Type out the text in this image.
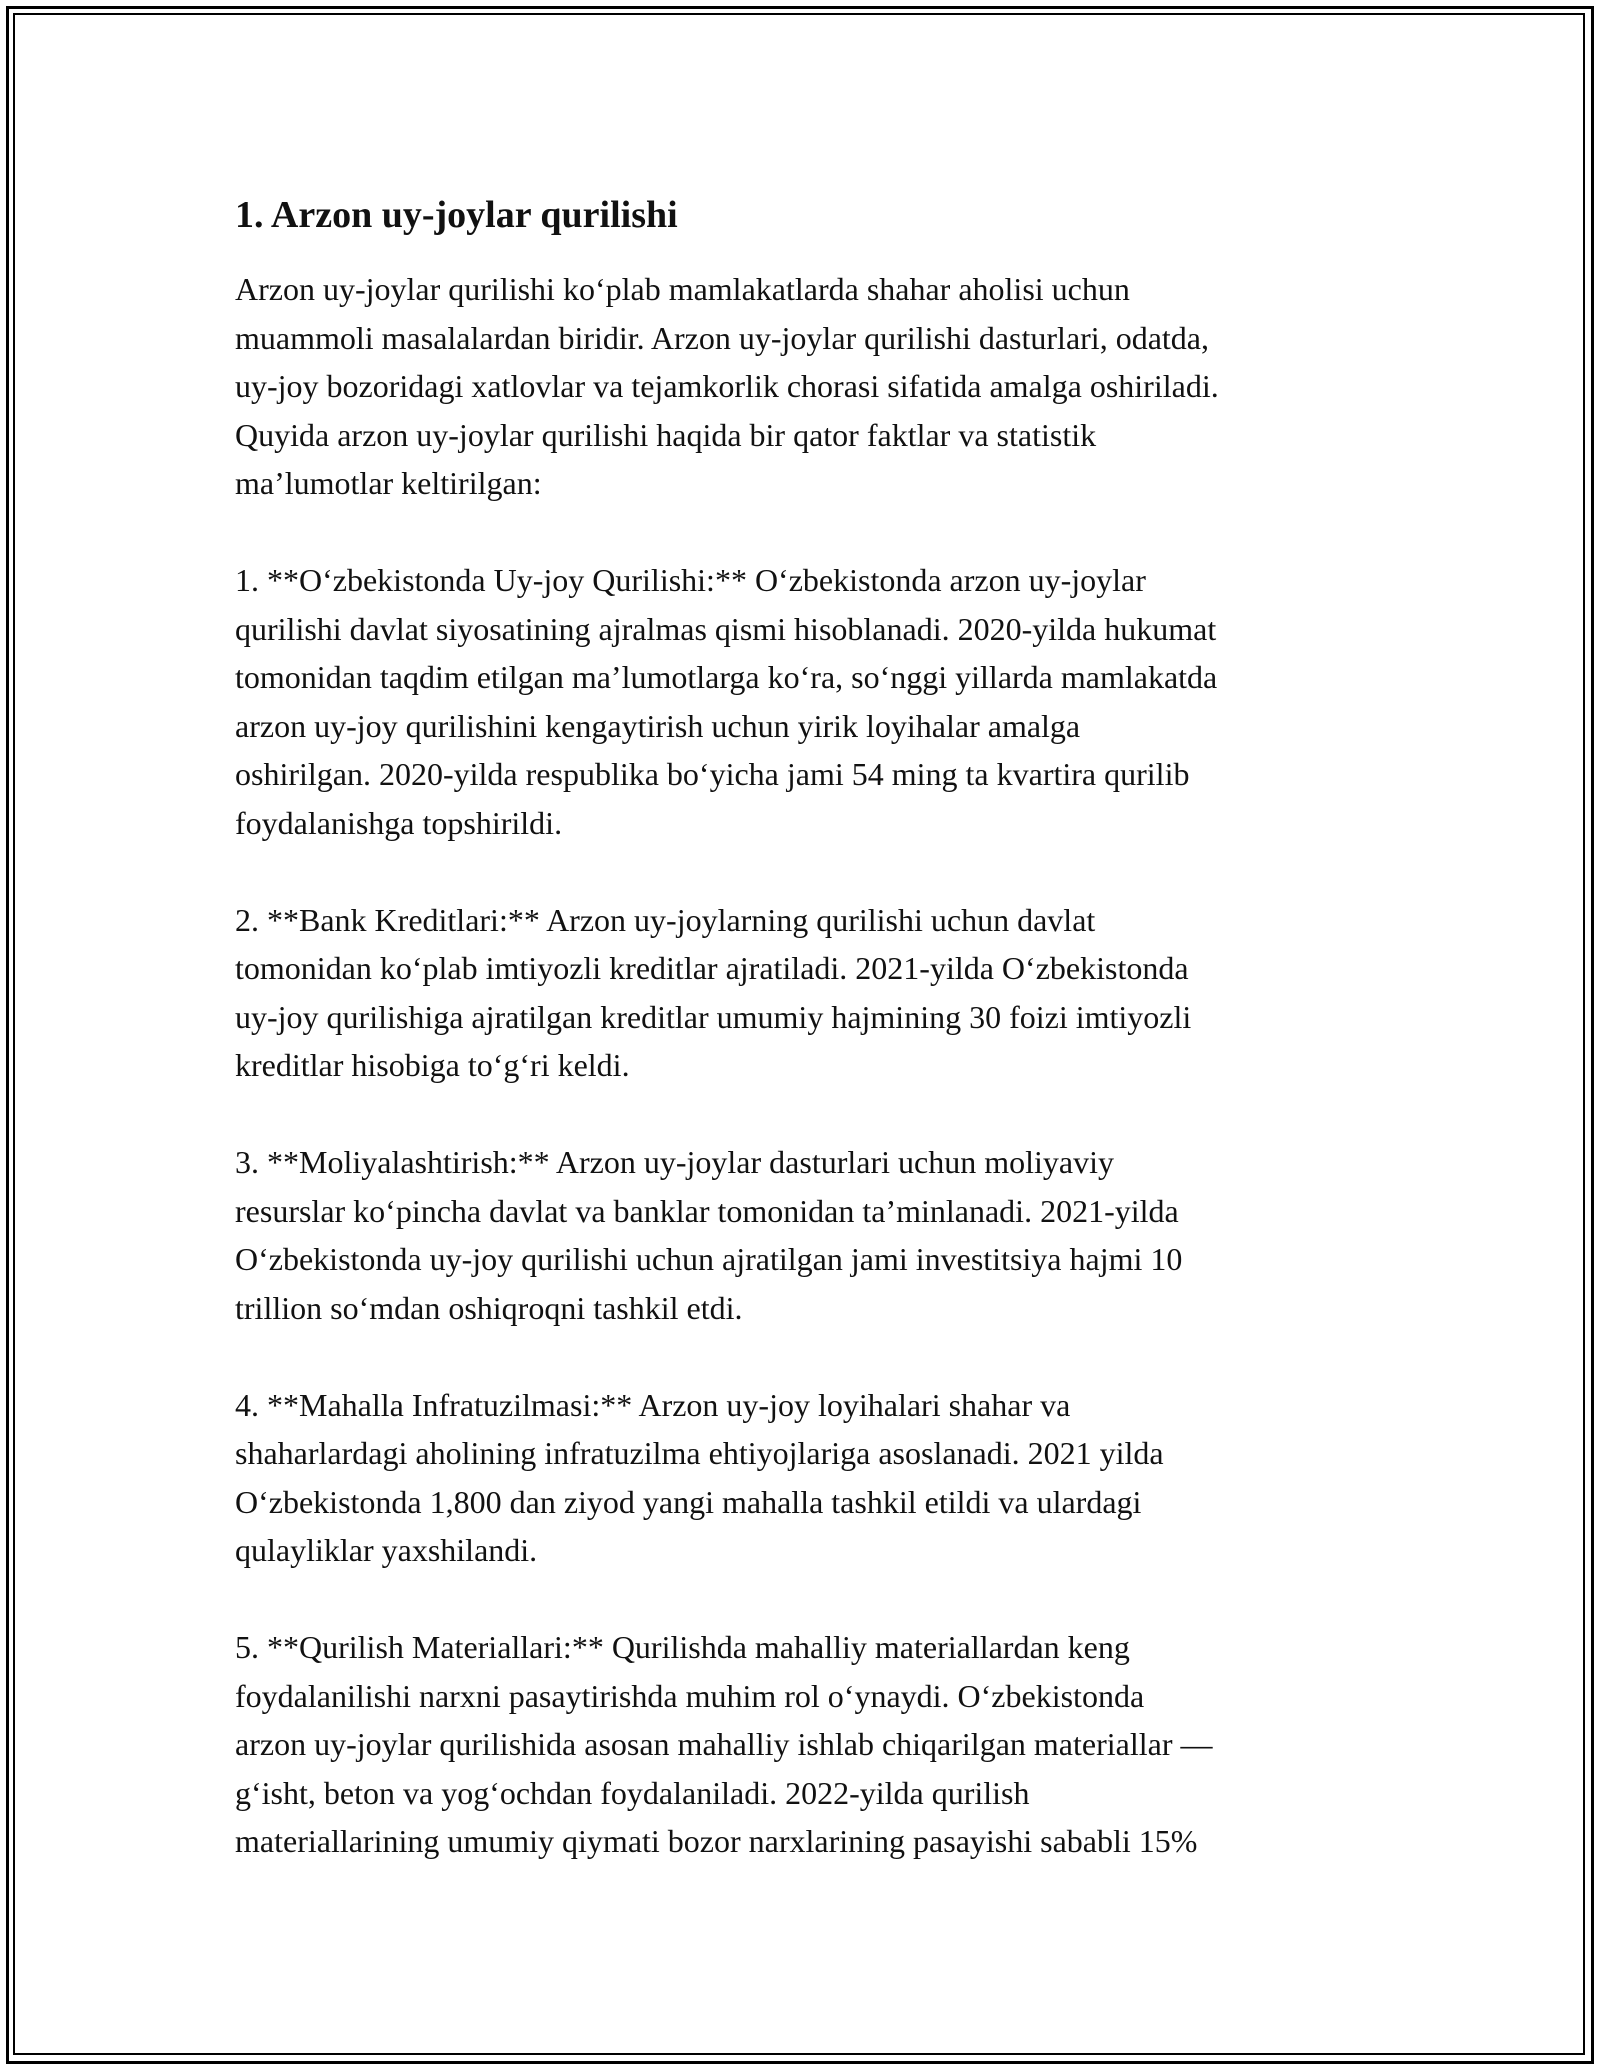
1. Arzon uy-joylar qurilishi
Arzon uy-joylar qurilishi ko‘plab mamlakatlarda shahar aholisi uchun
muammoli masalalardan biridir. Arzon uy-joylar qurilishi dasturlari, odatda,
uy-joy bozoridagi xatlovlar va tejamkorlik chorasi sifatida amalga oshiriladi.
Quyida arzon uy-joylar qurilishi haqida bir qator faktlar va statistik
ma’lumotlar keltirilgan:
1. **O‘zbekistonda Uy-joy Qurilishi:** O‘zbekistonda arzon uy-joylar
qurilishi davlat siyosatining ajralmas qismi hisoblanadi. 2020-yilda hukumat
tomonidan taqdim etilgan ma’lumotlarga ko‘ra, so‘nggi yillarda mamlakatda
arzon uy-joy qurilishini kengaytirish uchun yirik loyihalar amalga
oshirilgan. 2020-yilda respublika bo‘yicha jami 54 ming ta kvartira qurilib
foydalanishga topshirildi.
2. **Bank Kreditlari:** Arzon uy-joylarning qurilishi uchun davlat
tomonidan ko‘plab imtiyozli kreditlar ajratiladi. 2021-yilda O‘zbekistonda
uy-joy qurilishiga ajratilgan kreditlar umumiy hajmining 30 foizi imtiyozli
kreditlar hisobiga to‘g‘ri keldi.
3. **Moliyalashtirish:** Arzon uy-joylar dasturlari uchun moliyaviy
resurslar ko‘pincha davlat va banklar tomonidan ta’minlanadi. 2021-yilda
O‘zbekistonda uy-joy qurilishi uchun ajratilgan jami investitsiya hajmi 10
trillion so‘mdan oshiqroqni tashkil etdi.
4. **Mahalla Infratuzilmasi:** Arzon uy-joy loyihalari shahar va
shaharlardagi aholining infratuzilma ehtiyojlariga asoslanadi. 2021 yilda
O‘zbekistonda 1,800 dan ziyod yangi mahalla tashkil etildi va ulardagi
qulayliklar yaxshilandi.
5. **Qurilish Materiallari:** Qurilishda mahalliy materiallardan keng
foydalanilishi narxni pasaytirishda muhim rol o‘ynaydi. O‘zbekistonda
arzon uy-joylar qurilishida asosan mahalliy ishlab chiqarilgan materiallar —
g‘isht, beton va yog‘ochdan foydalaniladi. 2022-yilda qurilish
materiallarining umumiy qiymati bozor narxlarining pasayishi sababli 15%
